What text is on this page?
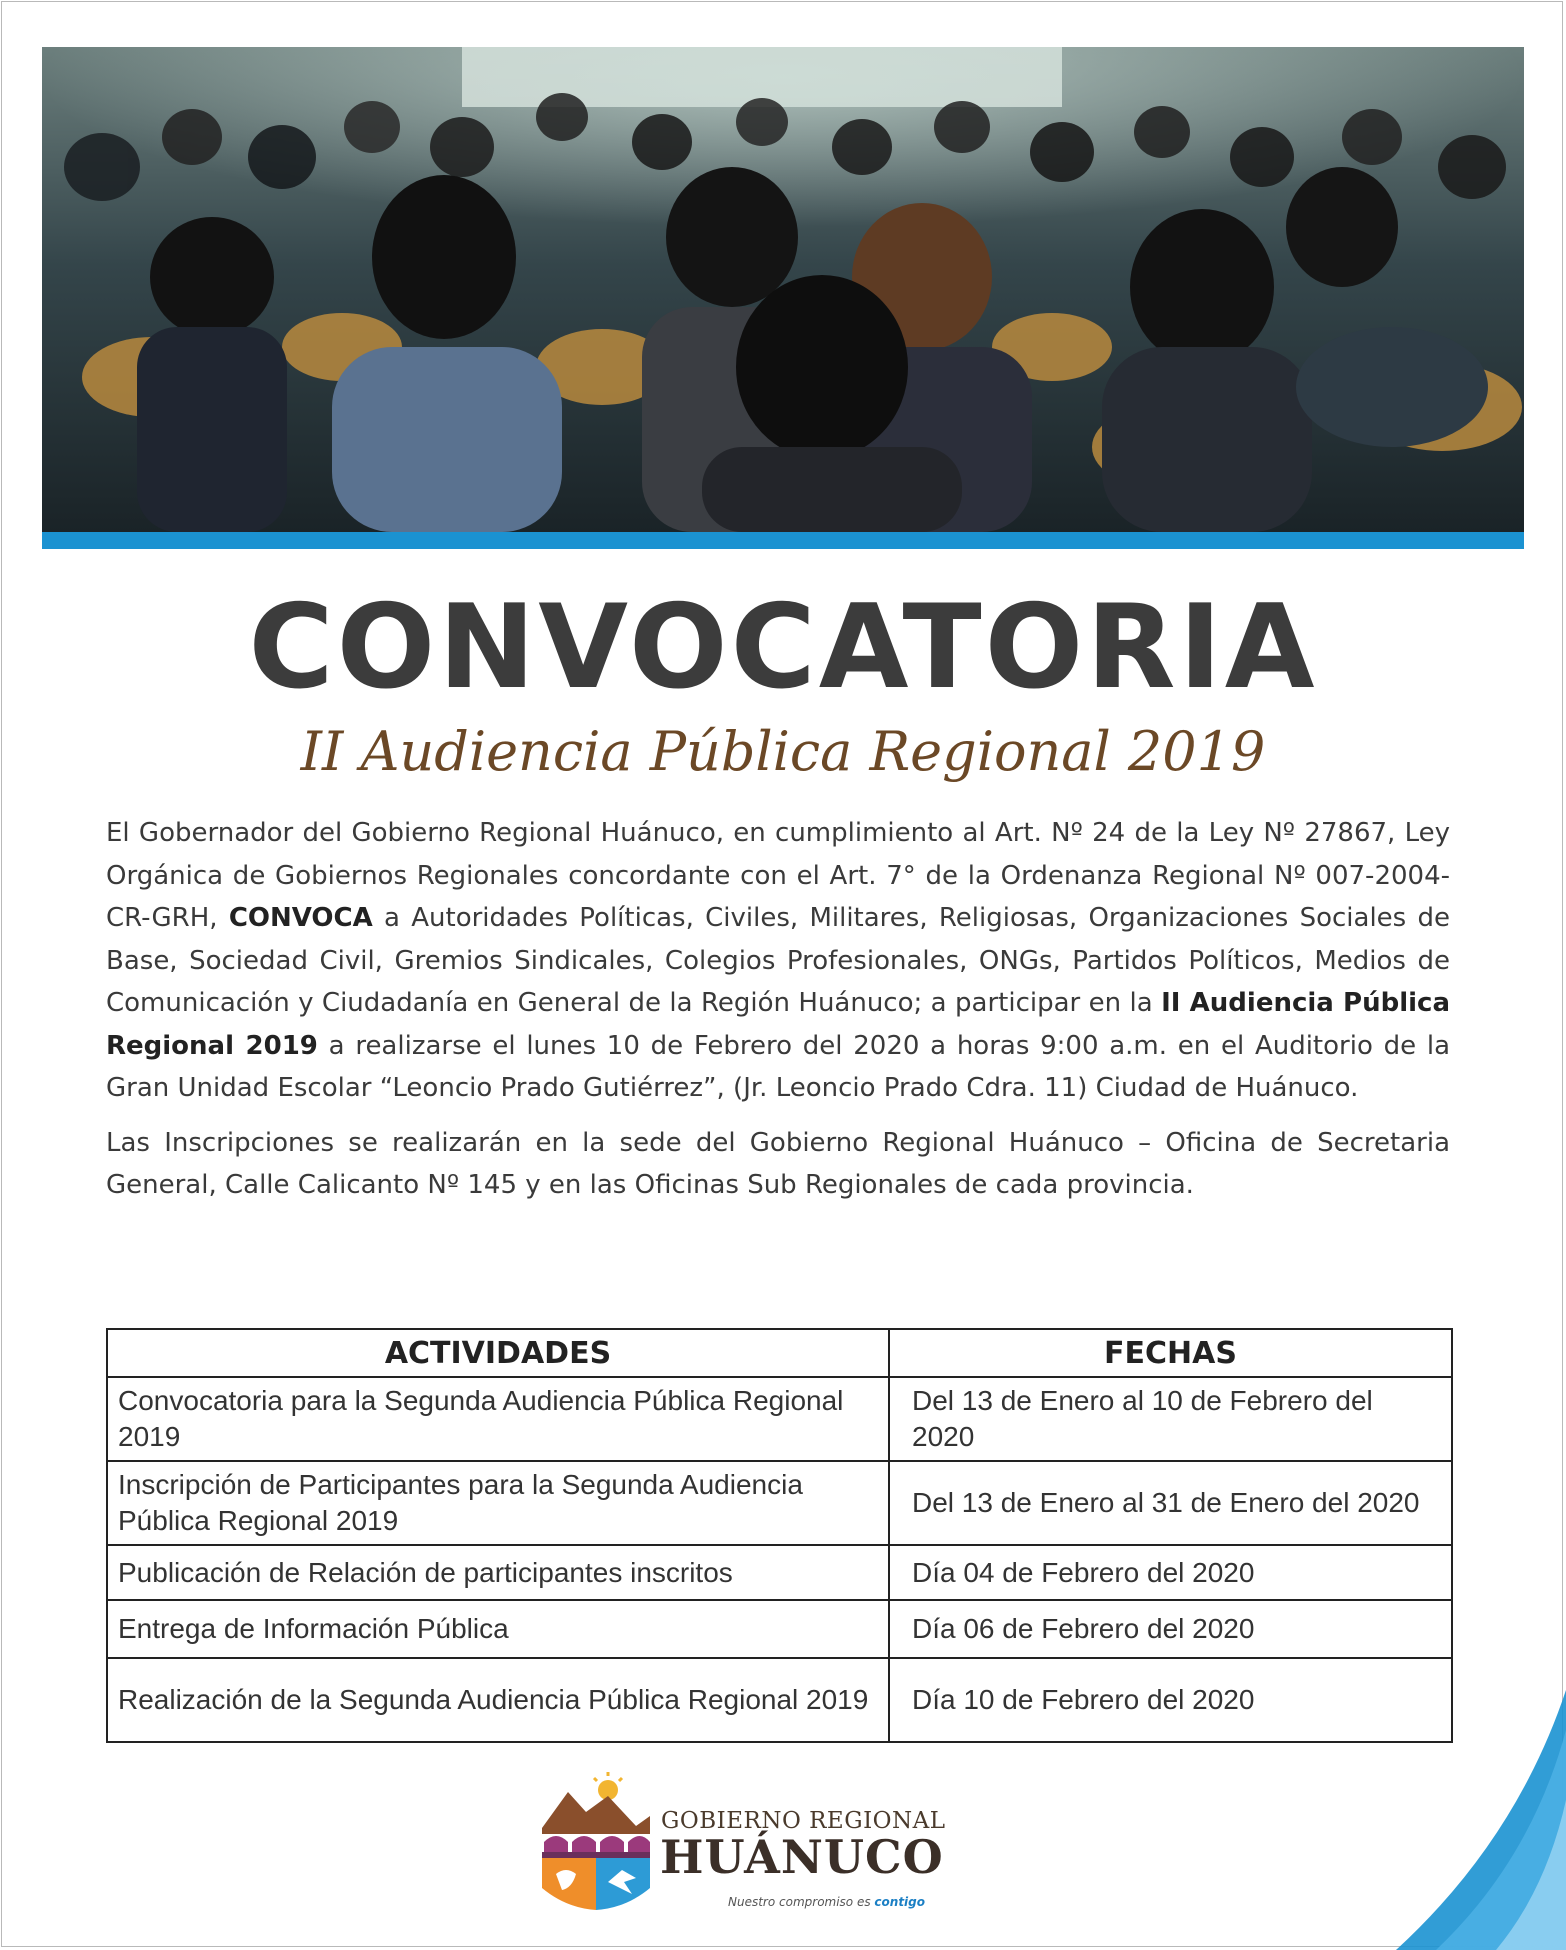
CONVOCATORIA
II Audiencia Pública Regional 2019

El Gobernador del Gobierno Regional Huánuco, en cumplimiento al Art. Nº 24 de la Ley Nº 27867, Ley Orgánica de Gobiernos Regionales concordante con el Art. 7° de la Ordenanza Regional Nº 007-2004-CR-GRH, CONVOCA a Autoridades Políticas, Civiles, Militares, Religiosas, Organizaciones Sociales de Base, Sociedad Civil, Gremios Sindicales, Colegios Profesionales, ONGs, Partidos Políticos, Medios de Comunicación y Ciudadanía en General de la Región Huánuco; a participar en la II Audiencia Pública Regional 2019 a realizarse el lunes 10 de Febrero del 2020 a horas 9:00 a.m. en el Auditorio de la Gran Unidad Escolar “Leoncio Prado Gutiérrez”, (Jr. Leoncio Prado Cdra. 11) Ciudad de Huánuco.

Las Inscripciones se realizarán en la sede del Gobierno Regional Huánuco – Oficina de Secretaria General, Calle Calicanto Nº 145 y en las Oficinas Sub Regionales de cada provincia.

ACTIVIDADES	FECHAS
Convocatoria para la Segunda Audiencia Pública Regional 2019	Del 13 de Enero al 10 de Febrero del 2020
Inscripción de Participantes para la Segunda Audiencia Pública Regional 2019	Del 13 de Enero al 31 de Enero del 2020
Publicación de Relación de participantes inscritos	Día 04 de Febrero del 2020
Entrega de Información Pública	Día 06 de Febrero del 2020
Realización de la Segunda Audiencia Pública Regional 2019	Día 10 de Febrero del 2020
GOBIERNO REGIONAL
HUÁNUCO
Nuestro compromiso es contigo
